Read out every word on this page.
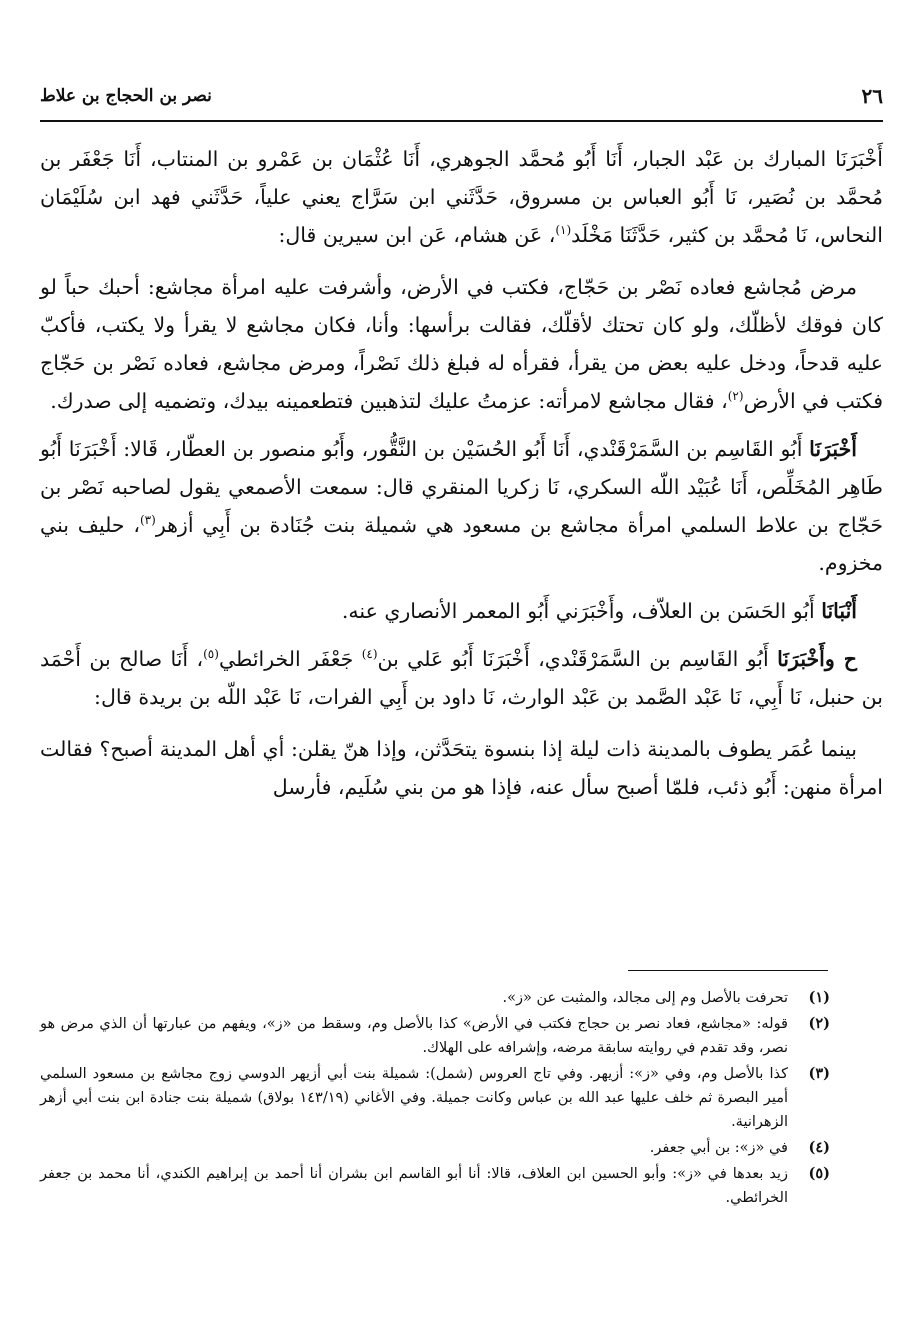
٢٦
نصر بن الحجاج بن علاط

أَخْبَرَنَا المبارك بن عَبْد الجبار، أَنَا أَبُو مُحمَّد الجوهري، أَنَا عُثْمَان بن عَمْرو بن المنتاب، أَنَا جَعْفَر بن مُحمَّد بن نُصَير، نَا أَبُو العباس بن مسروق، حَدَّثَني ابن سَرَّاج يعني علياً، حَدَّثَني فهد ابن سُلَيْمَان النحاس، نَا مُحمَّد بن كثير، حَدَّثَنَا مَخْلَد$^{(١)}$، عَن هشام، عَن ابن سيرين قال:

مرض مُجاشع فعاده نَصْر بن حَجّاج، فكتب في الأرض، وأشرفت عليه امرأة مجاشع: أحبك حباً لو كان فوقك لأظلّك، ولو كان تحتك لأقلّك، فقالت برأسها: وأنا، فكان مجاشع لا يقرأ ولا يكتب، فأكبّ عليه قدحاً، ودخل عليه بعض من يقرأ، فقرأه له فبلغ ذلك نَصْراً، ومرض مجاشع، فعاده نَصْر بن حَجّاج فكتب في الأرض$^{(٢)}$، فقال مجاشع لامرأته: عزمتُ عليك لتذهبين فتطعمينه بيدك، وتضميه إلى صدرك.

أَخْبَرَنَا أَبُو القَاسِم بن السَّمَرْقَنْدي، أَنَا أَبُو الحُسَيْن بن النَّقُّور، وأَبُو منصور بن العطّار، قَالا: أَخْبَرَنَا أَبُو طَاهِر المُخَلِّص، أَنَا عُبَيْد اللّه السكري، نَا زكريا المنقري قال: سمعت الأصمعي يقول لصاحبه نَصْر بن حَجّاج بن علاط السلمي امرأة مجاشع بن مسعود هي شميلة بنت جُنَادة بن أَبِي أزهر$^{(٣)}$، حليف بني مخزوم.

أَنْبَانَا أَبُو الحَسَن بن العلاّف، وأَخْبَرَني أَبُو المعمر الأنصاري عنه.

ح وأَخْبَرَنَا أَبُو القَاسِم بن السَّمَرْقَنْدي، أَخْبَرَنَا أَبُو عَلي بن$^{(٤)}$ جَعْفَر الخرائطي$^{(٥)}$، أَنَا صالح بن أَحْمَد بن حنبل، نَا أَبِي، نَا عَبْد الصَّمد بن عَبْد الوارث، نَا داود بن أَبِي الفرات، نَا عَبْد اللّه بن بريدة قال:

بينما عُمَر يطوف بالمدينة ذات ليلة إذا بنسوة يتحَدَّثن، وإذا هنّ يقلن: أي أهل المدينة أصبح؟ فقالت امرأة منهن: أَبُو ذئب، فلمّا أصبح سأل عنه، فإذا هو من بني سُلَيم، فأرسل

(١)
تحرفت بالأصل وم إلى مجالد، والمثبت عن «ز».
(٢)
قوله: «مجاشع، فعاد نصر بن حجاج فكتب في الأرض» كذا بالأصل وم، وسقط من «ز»، ويفهم من عبارتها أن الذي مرض هو نصر، وقد تقدم في روايته سابقة مرضه، وإشرافه على الهلاك.
(٣)
كذا بالأصل وم، وفي «ز»: أزيهر. وفي تاج العروس (شمل): شميلة بنت أبي أزيهر الدوسي زوج مجاشع بن مسعود السلمي أمير البصرة ثم خلف عليها عبد الله بن عباس وكانت جميلة. وفي الأغاني (١٤٣/١٩ بولاق) شميلة بنت جنادة ابن بنت أبي أزهر الزهرانية.
(٤)
في «ز»: بن أبي جعفر.
(٥)
زيد بعدها في «ز»: وأبو الحسين ابن العلاف، قالا: أنا أبو القاسم ابن بشران أنا أحمد بن إبراهيم الكندي، أنا محمد بن جعفر الخرائطي.
